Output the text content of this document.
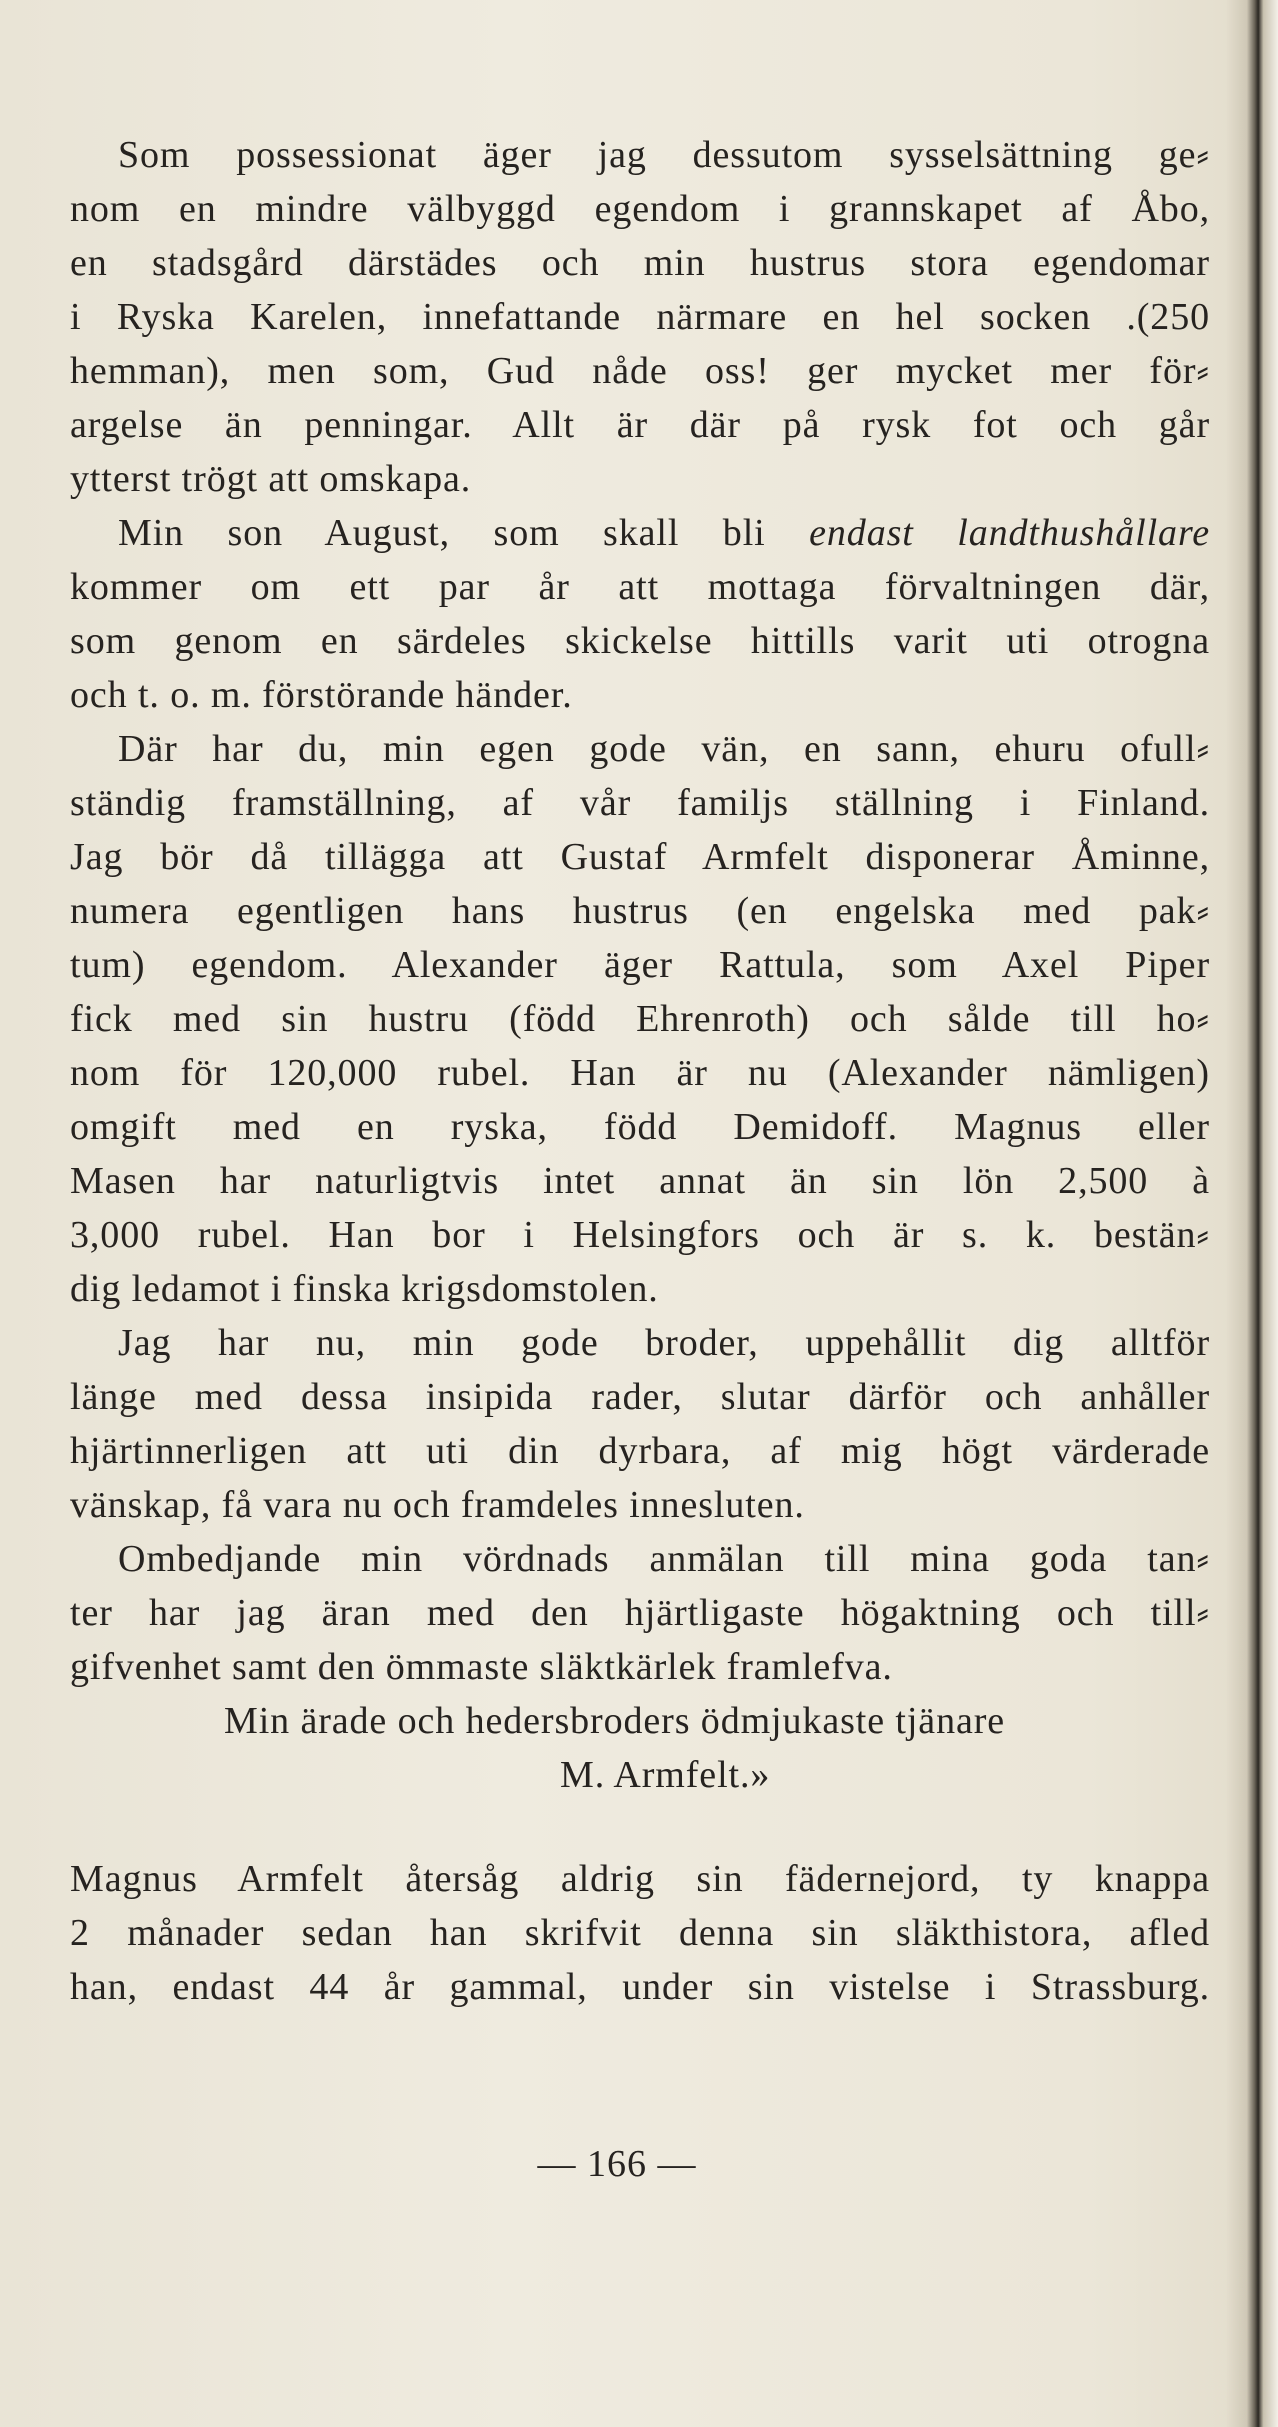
Som possessionat äger jag dessutom sysselsättning ge⸗
nom en mindre välbyggd egendom i grannskapet af Åbo,
en stadsgård därstädes och min hustrus stora egendomar
i Ryska Karelen, innefattande närmare en hel socken .(250
hemman), men som, Gud nåde oss! ger mycket mer för⸗
argelse än penningar. Allt är där på rysk fot och går
ytterst trögt att omskapa.
Min son August, som skall bli endast landthushållare
kommer om ett par år att mottaga förvaltningen där,
som genom en särdeles skickelse hittills varit uti otrogna
och t. o. m. förstörande händer.
Där har du, min egen gode vän, en sann, ehuru ofull⸗
ständig framställning, af vår familjs ställning i Finland.
Jag bör då tillägga att Gustaf Armfelt disponerar Åminne,
numera egentligen hans hustrus (en engelska med pak⸗
tum) egendom. Alexander äger Rattula, som Axel Piper
fick med sin hustru (född Ehrenroth) och sålde till ho⸗
nom för 120,000 rubel. Han är nu (Alexander nämligen)
omgift med en ryska, född Demidoff. Magnus eller
Masen har naturligtvis intet annat än sin lön 2,500 à
3,000 rubel. Han bor i Helsingfors och är s. k. bestän⸗
dig ledamot i finska krigsdomstolen.
Jag har nu, min gode broder, uppehållit dig alltför
länge med dessa insipida rader, slutar därför och anhåller
hjärtinnerligen att uti din dyrbara, af mig högt värderade
vänskap, få vara nu och framdeles innesluten.
Ombedjande min vördnads anmälan till mina goda tan⸗
ter har jag äran med den hjärtligaste högaktning och till⸗
gifvenhet samt den ömmaste släktkärlek framlefva.
Min ärade och hedersbroders ödmjukaste tjänare
M. Armfelt.»
Magnus Armfelt återsåg aldrig sin fädernejord, ty knappa
2 månader sedan han skrifvit denna sin släkthistora, afled
han, endast 44 år gammal, under sin vistelse i Strassburg.
— 166 —
